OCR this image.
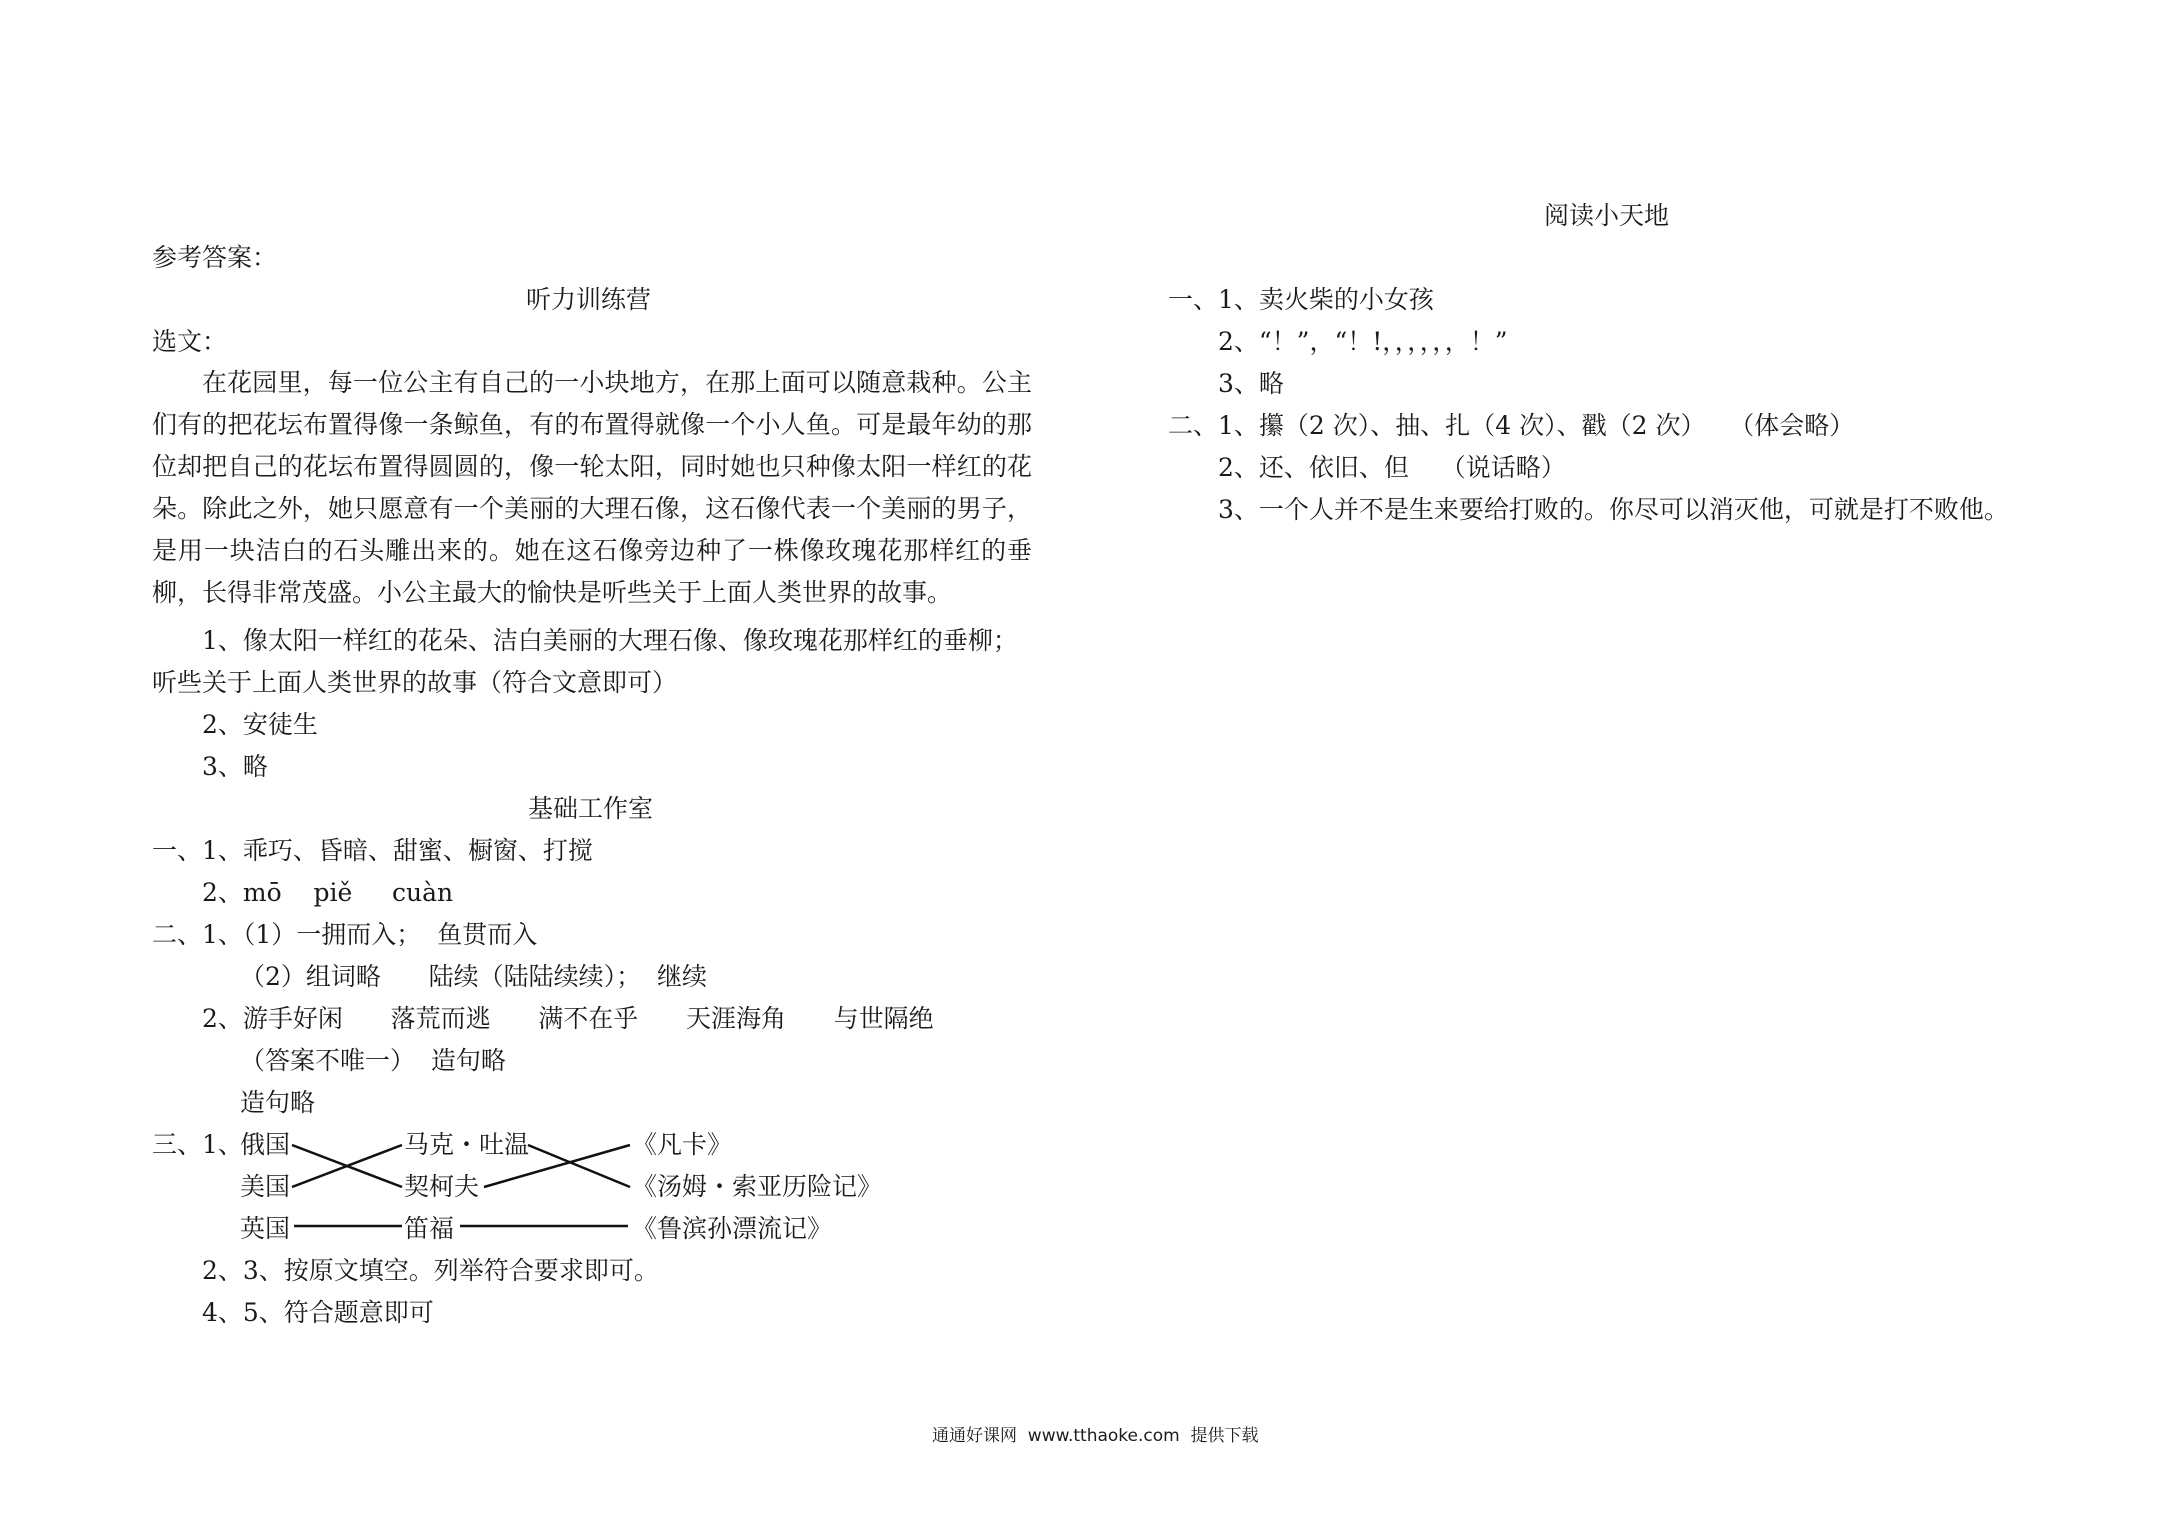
参考答案：
听力训练营
选文：
在花园里，每一位公主有自己的一小块地方，在那上面可以随意栽种。公主们有的把花坛布置得像一条鲸鱼，有的布置得就像一个小人鱼。可是最年幼的那位却把自己的花坛布置得圆圆的，像一轮太阳，同时她也只种像太阳一样红的花朵。除此之外，她只愿意有一个美丽的大理石像，这石像代表一个美丽的男子，是用一块洁白的石头雕出来的。她在这石像旁边种了一株像玫瑰花那样红的垂柳，长得非常茂盛。小公主最大的愉快是听些关于上面人类世界的故事。
1、像太阳一样红的花朵、洁白美丽的大理石像、像玫瑰花那样红的垂柳；
听些关于上面人类世界的故事（符合文意即可）
2、安徒生
3、略
基础工作室
一、1、乖巧、昏暗、甜蜜、橱窗、打搅
2、mō    piě     cuàn
二、1、（1）一拥而入；  鱼贯而入
（2）组词略      陆续（陆陆续续）；  继续
2、游手好闲      落荒而逃      满不在乎      天涯海角      与世隔绝
（答案不唯一）  造句略
造句略
三、1、
俄国
美国
英国
马克・吐温
契柯夫
笛福
《凡卡》
《汤姆・索亚历险记》
《鲁滨孙漂流记》
2、3、按原文填空。列举符合要求即可。
4、5、符合题意即可
阅读小天地
一、1、卖火柴的小女孩
2、“！”，“！!，，，，，，！”
3、略
二、1、攥（2 次）、抽、扎（4 次）、戳（2 次）   （体会略）
2、还、依旧、但    （说话略）
3、一个人并不是生来要给打败的。你尽可以消灭他，可就是打不败他。
通通好课网  www.tthaoke.com  提供下载
